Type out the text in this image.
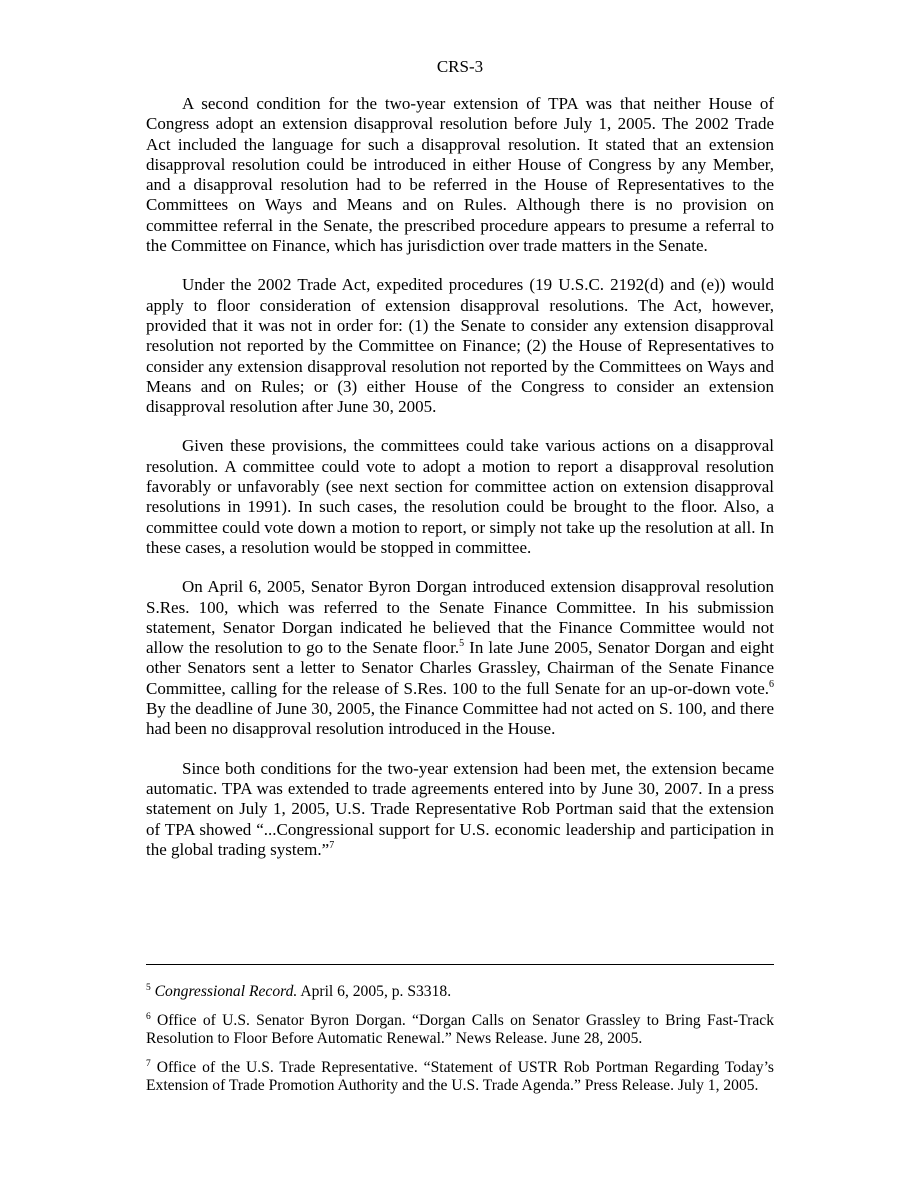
CRS-3

A second condition for the two-year extension of TPA was that neither House of Congress adopt an extension disapproval resolution before July 1, 2005. The 2002 Trade Act included the language for such a disapproval resolution. It stated that an extension disapproval resolution could be introduced in either House of Congress by any Member, and a disapproval resolution had to be referred in the House of Representatives to the Committees on Ways and Means and on Rules. Although there is no provision on committee referral in the Senate, the prescribed procedure appears to presume a referral to the Committee on Finance, which has jurisdiction over trade matters in the Senate.

Under the 2002 Trade Act, expedited procedures (19 U.S.C. 2192(d) and (e)) would apply to floor consideration of extension disapproval resolutions. The Act, however, provided that it was not in order for: (1) the Senate to consider any extension disapproval resolution not reported by the Committee on Finance; (2) the House of Representatives to consider any extension disapproval resolution not reported by the Committees on Ways and Means and on Rules; or (3) either House of the Congress to consider an extension disapproval resolution after June 30, 2005.

Given these provisions, the committees could take various actions on a disapproval resolution. A committee could vote to adopt a motion to report a disapproval resolution favorably or unfavorably (see next section for committee action on extension disapproval resolutions in 1991). In such cases, the resolution could be brought to the floor. Also, a committee could vote down a motion to report, or simply not take up the resolution at all. In these cases, a resolution would be stopped in committee.

On April 6, 2005, Senator Byron Dorgan introduced extension disapproval resolution S.Res. 100, which was referred to the Senate Finance Committee. In his submission statement, Senator Dorgan indicated he believed that the Finance Committee would not allow the resolution to go to the Senate floor.$^5$ In late June 2005, Senator Dorgan and eight other Senators sent a letter to Senator Charles Grassley, Chairman of the Senate Finance Committee, calling for the release of S.Res. 100 to the full Senate for an up-or-down vote.$^6$ By the deadline of June 30, 2005, the Finance Committee had not acted on S. 100, and there had been no disapproval resolution introduced in the House.

Since both conditions for the two-year extension had been met, the extension became automatic. TPA was extended to trade agreements entered into by June 30, 2007. In a press statement on July 1, 2005, U.S. Trade Representative Rob Portman said that the extension of TPA showed “...Congressional support for U.S. economic leadership and participation in the global trading system.”$^7$

$^5$ Congressional Record. April 6, 2005, p. S3318.

$^6$ Office of U.S. Senator Byron Dorgan. “Dorgan Calls on Senator Grassley to Bring Fast-Track Resolution to Floor Before Automatic Renewal.” News Release. June 28, 2005.

$^7$ Office of the U.S. Trade Representative. “Statement of USTR Rob Portman Regarding Today’s Extension of Trade Promotion Authority and the U.S. Trade Agenda.” Press Release. July 1, 2005.
